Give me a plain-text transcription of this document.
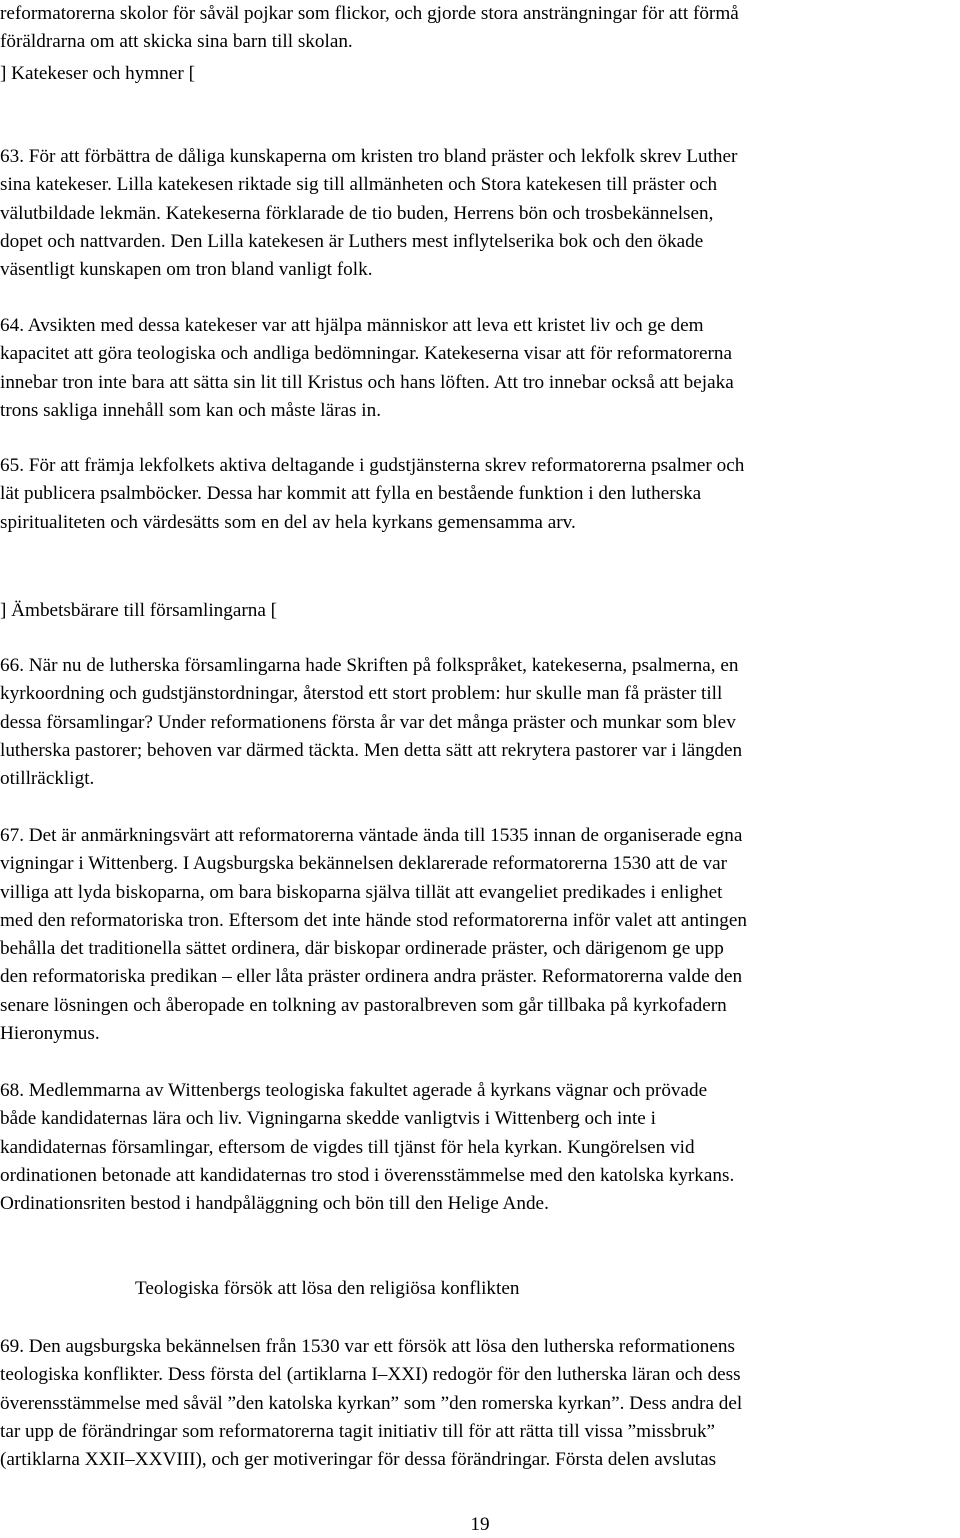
reformatorerna skolor för såväl pojkar som flickor, och gjorde stora ansträngningar för att förmå
föräldrarna om att skicka sina barn till skolan.
] Katekeser och hymner [
63. För att förbättra de dåliga kunskaperna om kristen tro bland präster och lekfolk skrev Luther
sina katekeser. Lilla katekesen riktade sig till allmänheten och Stora katekesen till präster och
välutbildade lekmän. Katekeserna förklarade de tio buden, Herrens bön och trosbekännelsen,
dopet och nattvarden. Den Lilla katekesen är Luthers mest inflytelserika bok och den ökade
väsentligt kunskapen om tron bland vanligt folk.
64. Avsikten med dessa katekeser var att hjälpa människor att leva ett kristet liv och ge dem
kapacitet att göra teologiska och andliga bedömningar. Katekeserna visar att för reformatorerna
innebar tron inte bara att sätta sin lit till Kristus och hans löften. Att tro innebar också att bejaka
trons sakliga innehåll som kan och måste läras in.
65. För att främja lekfolkets aktiva deltagande i gudstjänsterna skrev reformatorerna psalmer och
lät publicera psalmböcker. Dessa har kommit att fylla en bestående funktion i den lutherska
spiritualiteten och värdesätts som en del av hela kyrkans gemensamma arv.
] Ämbetsbärare till församlingarna [
66. När nu de lutherska församlingarna hade Skriften på folkspråket, katekeserna, psalmerna, en
kyrkoordning och gudstjänstordningar, återstod ett stort problem: hur skulle man få präster till
dessa församlingar? Under reformationens första år var det många präster och munkar som blev
lutherska pastorer; behoven var därmed täckta. Men detta sätt att rekrytera pastorer var i längden
otillräckligt.
67. Det är anmärkningsvärt att reformatorerna väntade ända till 1535 innan de organiserade egna
vigningar i Wittenberg. I Augsburgska bekännelsen deklarerade reformatorerna 1530 att de var
villiga att lyda biskoparna, om bara biskoparna själva tillät att evangeliet predikades i enlighet
med den reformatoriska tron. Eftersom det inte hände stod reformatorerna inför valet att antingen
behålla det traditionella sättet ordinera, där biskopar ordinerade präster, och därigenom ge upp
den reformatoriska predikan – eller låta präster ordinera andra präster. Reformatorerna valde den
senare lösningen och åberopade en tolkning av pastoralbreven som går tillbaka på kyrkofadern
Hieronymus.
68. Medlemmarna av Wittenbergs teologiska fakultet agerade å kyrkans vägnar och prövade
både kandidaternas lära och liv. Vigningarna skedde vanligtvis i Wittenberg och inte i
kandidaternas församlingar, eftersom de vigdes till tjänst för hela kyrkan. Kungörelsen vid
ordinationen betonade att kandidaternas tro stod i överensstämmelse med den katolska kyrkans.
Ordinationsriten bestod i handpåläggning och bön till den Helige Ande.

Teologiska försök att lösa den religiösa konflikten

69. Den augsburgska bekännelsen från 1530 var ett försök att lösa den lutherska reformationens
teologiska konflikter. Dess första del (artiklarna I–XXI) redogör för den lutherska läran och dess
överensstämmelse med såväl ”den katolska kyrkan” som ”den romerska kyrkan”. Dess andra del
tar upp de förändringar som reformatorerna tagit initiativ till för att rätta till vissa ”missbruk”
(artiklarna XXII–XXVIII), och ger motiveringar för dessa förändringar. Första delen avslutas

19
